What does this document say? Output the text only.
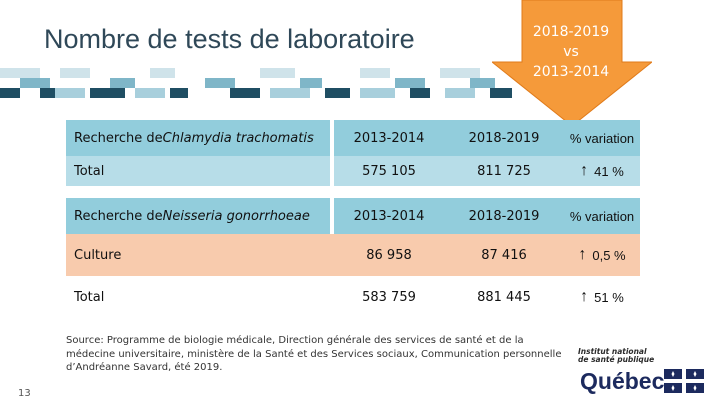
Nombre de tests de laboratoire	2018-2019
vs
2013-2014
Recherche de Chlamydia trachomatis	2013-2014	2018-2019	% variation
Total	575 105	811 725	↑ 41 %
Recherche de Neisseria gonorrhoeae	2013-2014	2018-2019	% variation
Culture	86 958	87 416	↑ 0,5 %
Total	583 759	881 445	↑ 51 %
Source: Programme de biologie médicale, Direction générale des services de santé et de la médecine universitaire, ministère de la Santé et des Services sociaux, Communication personnelle d’Andréanne Savard, été 2019.
13
Institut national de santé publique
Québec
